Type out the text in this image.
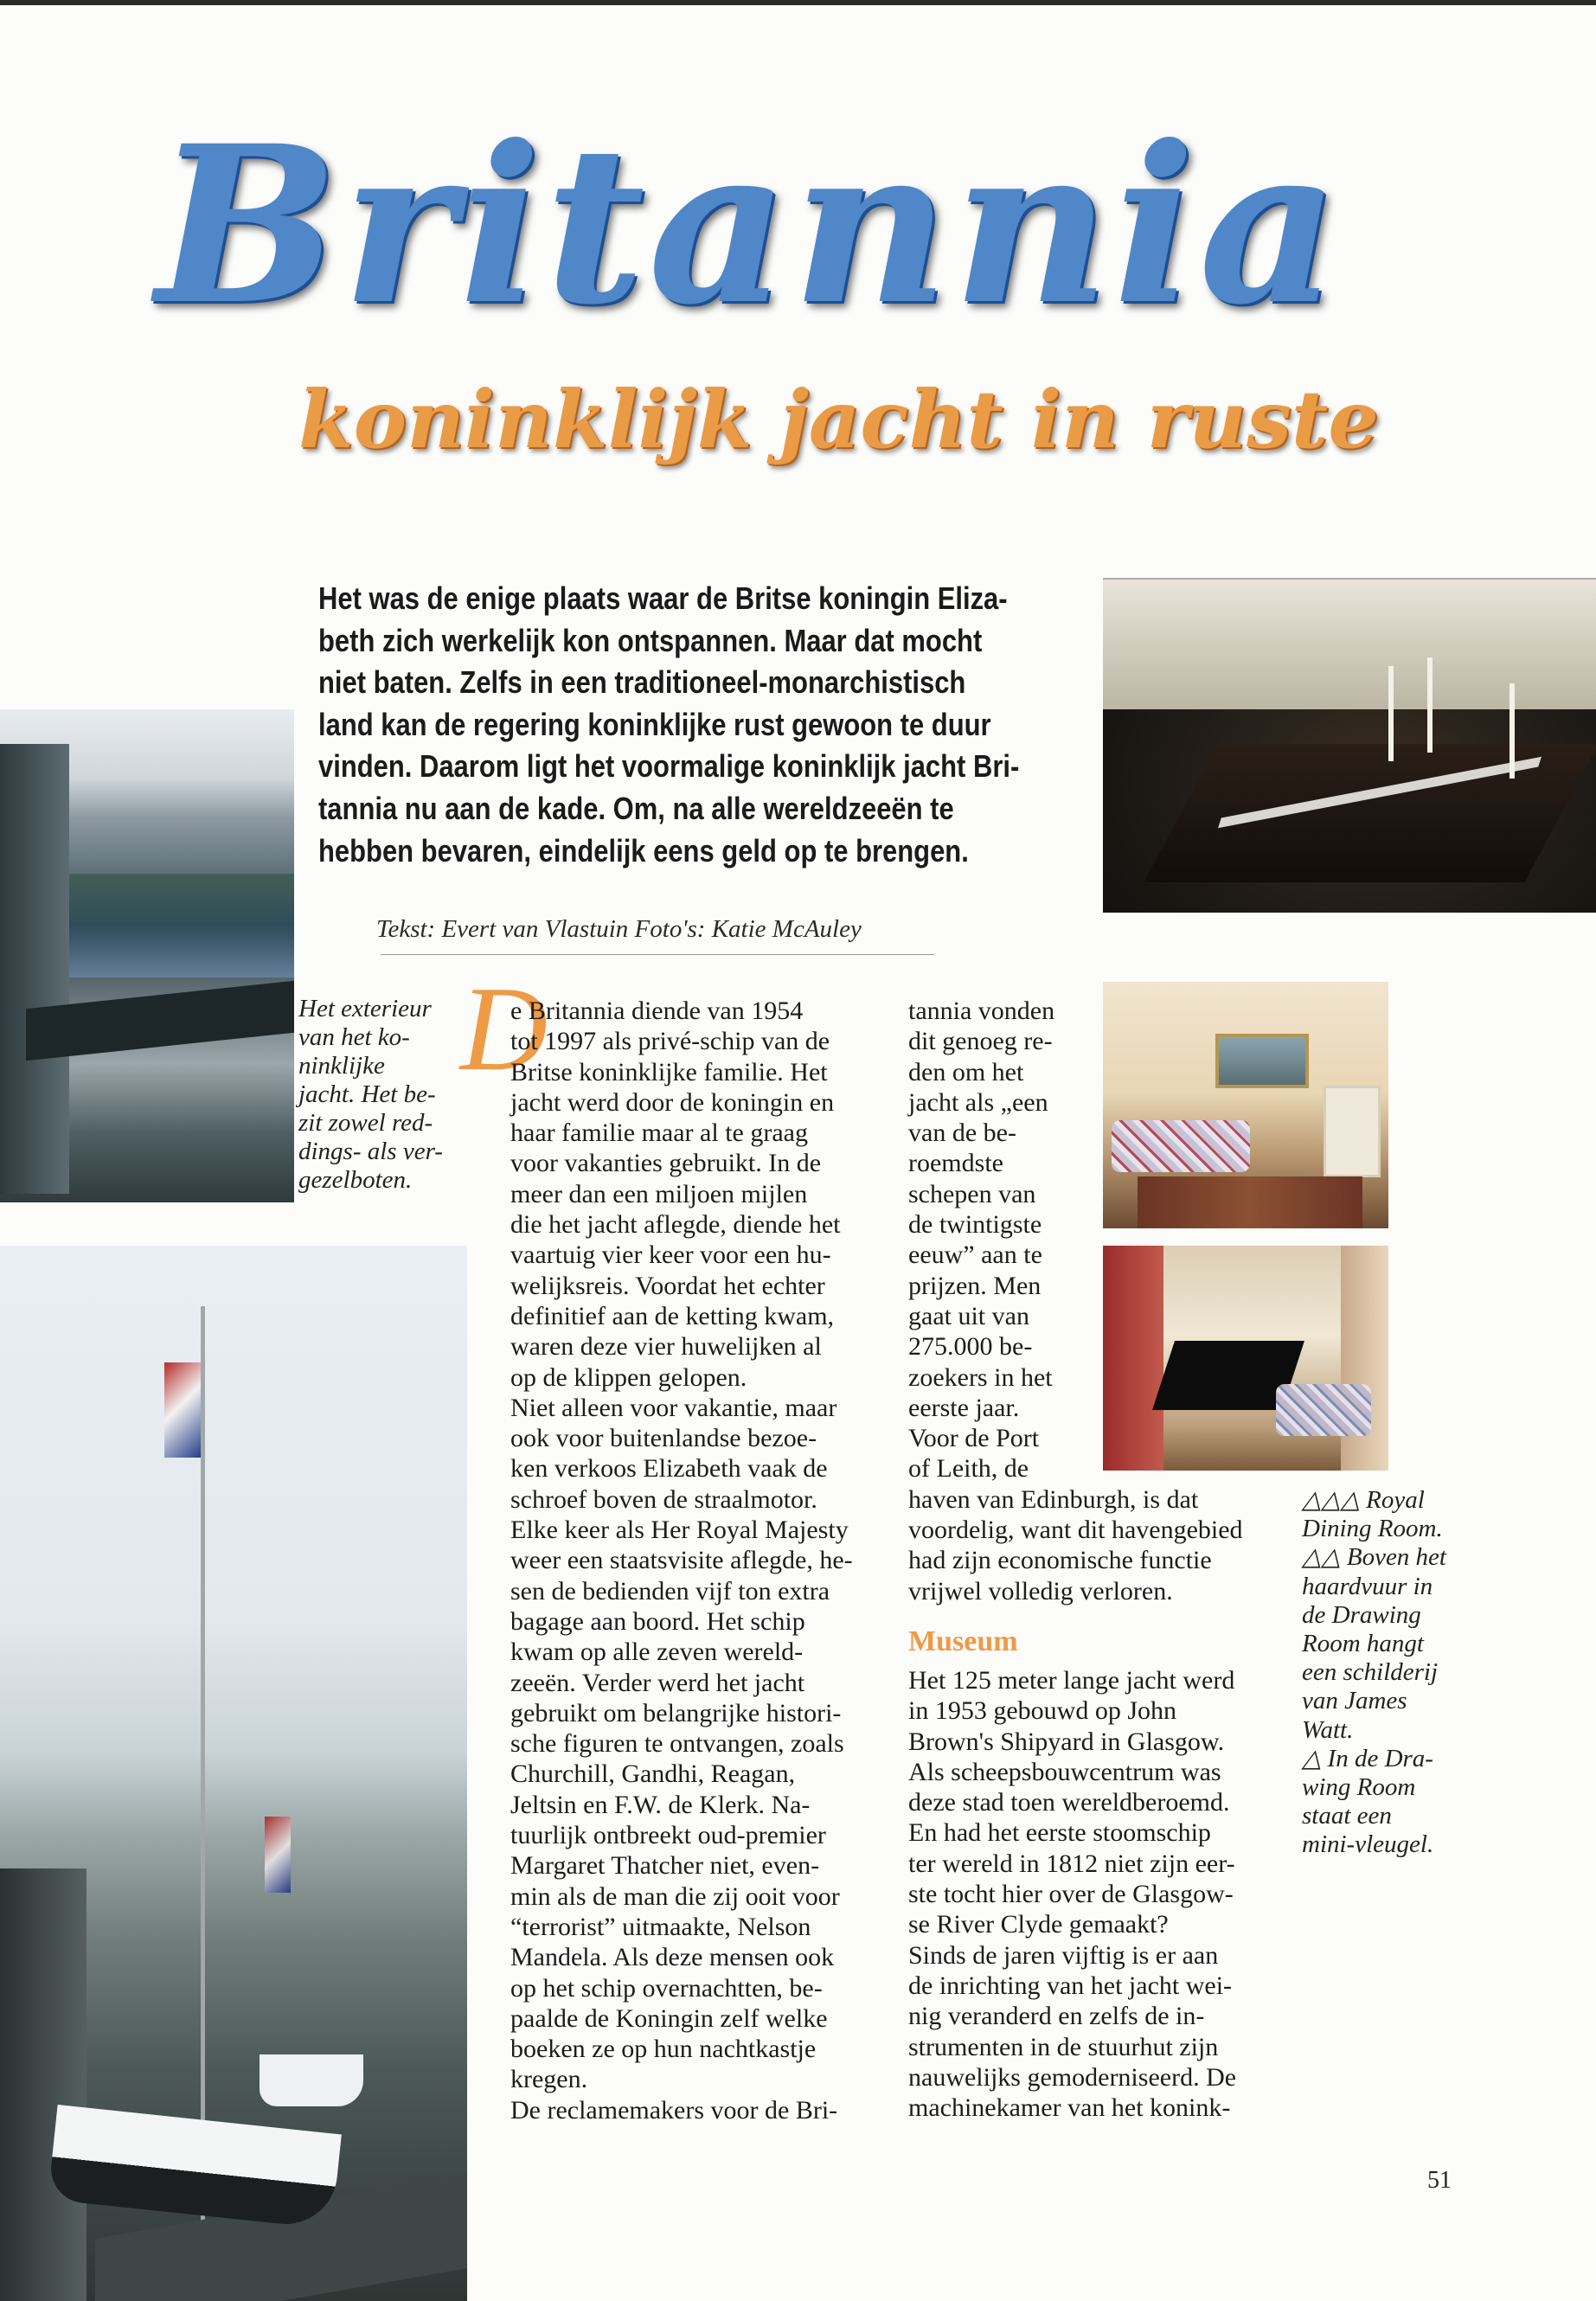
Britannia
koninklijk jacht in ruste
Het was de enige plaats waar de Britse koningin Eliza-
beth zich werkelijk kon ontspannen. Maar dat mocht
niet baten. Zelfs in een traditioneel-monarchistisch
land kan de regering koninklijke rust gewoon te duur
vinden. Daarom ligt het voormalige koninklijk jacht Bri-
tannia nu aan de kade. Om, na alle wereldzeeën te
hebben bevaren, eindelijk eens geld op te brengen.
Tekst: Evert van Vlastuin Foto's: Katie McAuley
Het exterieur
van het ko-
ninklijke
jacht. Het be-
zit zowel red-
dings- als ver-
gezelboten.
D
e Britannia diende van 1954
tot 1997 als privé-schip van de
Britse koninklijke familie. Het
jacht werd door de koningin en
haar familie maar al te graag
voor vakanties gebruikt. In de
meer dan een miljoen mijlen
die het jacht aflegde, diende het
vaartuig vier keer voor een hu-
welijksreis. Voordat het echter
definitief aan de ketting kwam,
waren deze vier huwelijken al
op de klippen gelopen.
Niet alleen voor vakantie, maar
ook voor buitenlandse bezoe-
ken verkoos Elizabeth vaak de
schroef boven de straalmotor.
Elke keer als Her Royal Majesty
weer een staatsvisite aflegde, he-
sen de bedienden vijf ton extra
bagage aan boord. Het schip
kwam op alle zeven wereld-
zeeën. Verder werd het jacht
gebruikt om belangrijke histori-
sche figuren te ontvangen, zoals
Churchill, Gandhi, Reagan,
Jeltsin en F.W. de Klerk. Na-
tuurlijk ontbreekt oud-premier
Margaret Thatcher niet, even-
min als de man die zij ooit voor
“terrorist” uitmaakte, Nelson
Mandela. Als deze mensen ook
op het schip overnachtten, be-
paalde de Koningin zelf welke
boeken ze op hun nachtkastje
kregen.
De reclamemakers voor de Bri-
tannia vonden
dit genoeg re-
den om het
jacht als „een
van de be-
roemdste
schepen van
de twintigste
eeuw” aan te
prijzen. Men
gaat uit van
275.000 be-
zoekers in het
eerste jaar.
Voor de Port
of Leith, de
haven van Edinburgh, is dat
voordelig, want dit havengebied
had zijn economische functie
vrijwel volledig verloren.
Museum
Het 125 meter lange jacht werd
in 1953 gebouwd op John
Brown's Shipyard in Glasgow.
Als scheepsbouwcentrum was
deze stad toen wereldberoemd.
En had het eerste stoomschip
ter wereld in 1812 niet zijn eer-
ste tocht hier over de Glasgow-
se River Clyde gemaakt?
Sinds de jaren vijftig is er aan
de inrichting van het jacht wei-
nig veranderd en zelfs de in-
strumenten in de stuurhut zijn
nauwelijks gemoderniseerd. De
machinekamer van het konink-
△△△ Royal
Dining Room.
△△ Boven het
haardvuur in
de Drawing
Room hangt
een schilderij
van James
Watt.
△ In de Dra-
wing Room
staat een
mini-vleugel.
51
